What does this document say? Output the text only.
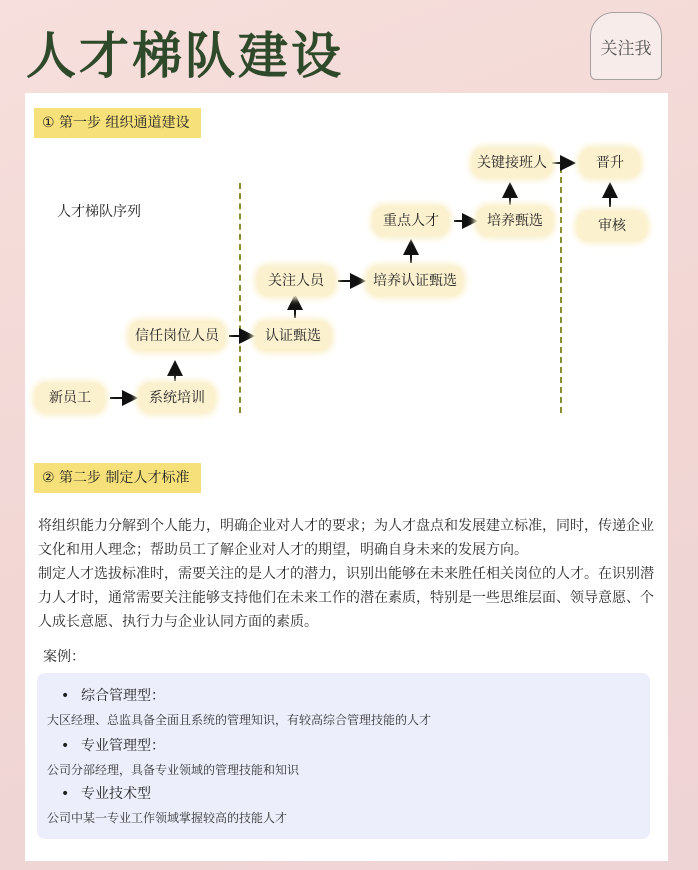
人才梯队建设	关注我
① 第一步 组织通道建设
人才梯队序列
新员工	系统培训
信任岗位人员	认证甄选
关注人员	培养认证甄选
重点人才	培养甄选
关键接班人	晋升
审核
② 第二步 制定人才标准

将组织能力分解到个人能力，明确企业对人才的要求；为人才盘点和发展建立标准，同时，传递企业文化和用人理念；帮助员工了解企业对人才的期望，明确自身未来的发展方向。

制定人才选拔标准时，需要关注的是人才的潜力，识别出能够在未来胜任相关岗位的人才。在识别潜力人才时，通常需要关注能够支持他们在未来工作的潜在素质，特别是一些思维层面、领导意愿、个人成长意愿、执行力与企业认同方面的素质。

案例：
• 综合管理型：
大区经理、总监具备全面且系统的管理知识，有较高综合管理技能的人才
• 专业管理型：
公司分部经理，具备专业领域的管理技能和知识
• 专业技术型
公司中某一专业工作领域掌握较高的技能人才
